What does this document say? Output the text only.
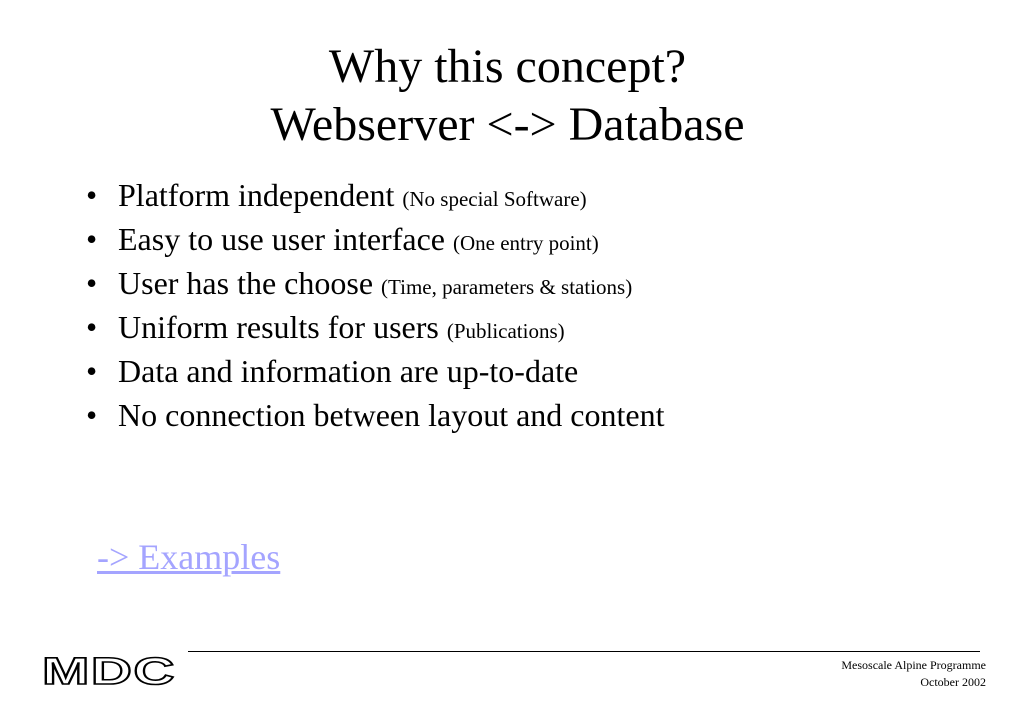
Why this concept?
Webserver <-> Database
• Platform independent (No special Software)
• Easy to use user interface (One entry point)
• User has the choose (Time, parameters & stations)
• Uniform results for users (Publications)
• Data and information are up-to-date
• No connection between layout and content
-> Examples
MDC	Mesoscale Alpine Programme
October 2002
